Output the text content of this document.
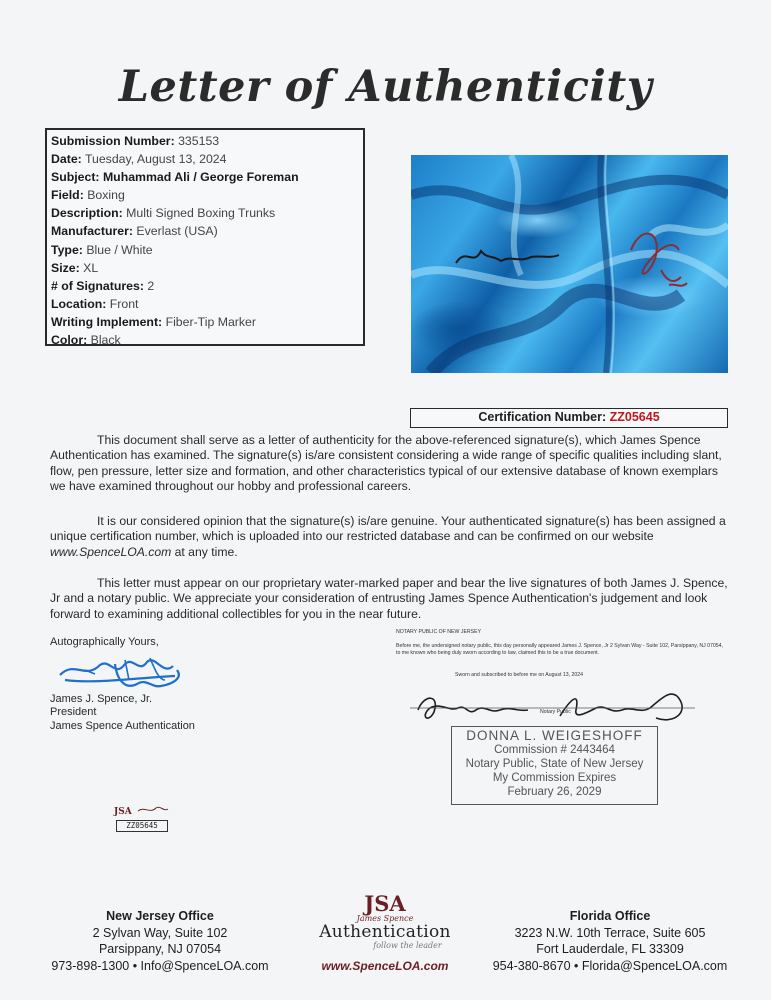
Letter of Authenticity
Submission Number: 335153
Date: Tuesday, August 13, 2024
Subject: Muhammad Ali / George Foreman
Field: Boxing
Description: Multi Signed Boxing Trunks
Manufacturer: Everlast (USA)
Type: Blue / White
Size: XL
# of Signatures: 2
Location: Front
Writing Implement: Fiber-Tip Marker
Color: Black
Certification Number: ZZ05645

This document shall serve as a letter of authenticity for the above-referenced signature(s), which James Spence Authentication has examined. The signature(s) is/are consistent considering a wide range of specific qualities including slant, flow, pen pressure, letter size and formation, and other characteristics typical of our extensive database of known exemplars we have examined throughout our hobby and professional careers.

It is our considered opinion that the signature(s) is/are genuine. Your authenticated signature(s) has been assigned a unique certification number, which is uploaded into our restricted database and can be confirmed on our website www.SpenceLOA.com at any time.

This letter must appear on our proprietary water-marked paper and bear the live signatures of both James J. Spence, Jr and a notary public. We appreciate your consideration of entrusting James Spence Authentication's judgement and look forward to examining additional collectibles for you in the near future.

Autographically Yours,
James J. Spence, Jr.
President
James Spence Authentication
NOTARY PUBLIC OF NEW JERSEY
Before me, the undersigned notary public, this day personally appeared James J. Spence, Jr 2 Sylvan Way - Suite 102, Parsippany, NJ 07054, to me known who being duly sworn according to law, claimed this to be a true document.
Sworn and subscribed to before me on August 13, 2024
Notary Public
DONNA L. WEIGESHOFF
Commission # 2443464
Notary Public, State of New Jersey
My Commission Expires
February 26, 2029
JSA
ZZ05645
New Jersey Office
2 Sylvan Way, Suite 102
Parsippany, NJ 07054
973-898-1300 • Info@SpenceLOA.com
JSA
James Spence
Authentication
follow the leader
www.SpenceLOA.com
Florida Office
3223 N.W. 10th Terrace, Suite 605
Fort Lauderdale, FL 33309
954-380-8670 • Florida@SpenceLOA.com
